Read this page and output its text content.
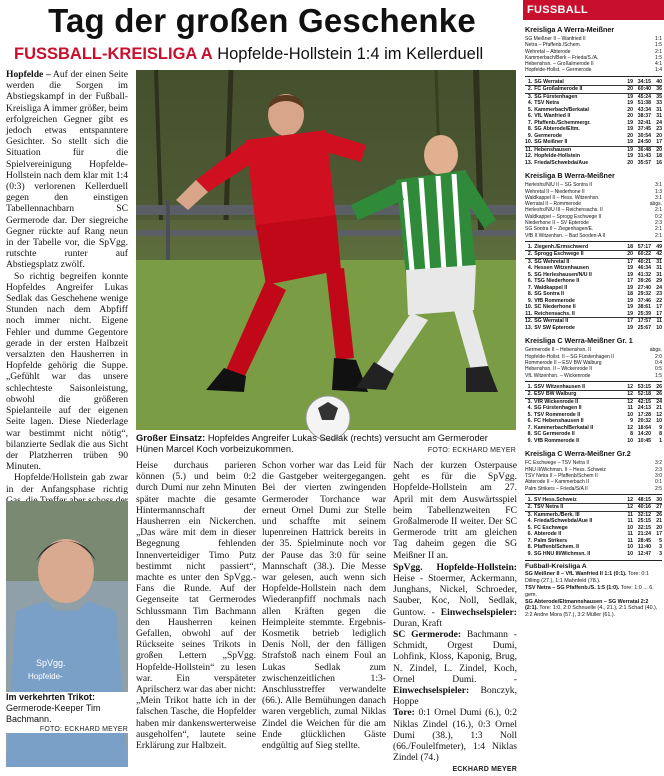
Tag der großen Geschenke
FUSSBALL-KREISLIGA A Hopfelde-Hollstein 1:4 im Kellerduell

Hopfelde – Auf der einen Seite werden die Sorgen im Abstiegskampf in der Fußball-Kreisliga A immer größer, beim erfolgreichen Gegner gibt es jedoch etwas entspanntere Gesichter. So stellt sich die Situation für die Spielvereinigung Hopfelde-Hollstein nach dem klar mit 1:4 (0:3) verlorenen Kellerduell gegen den einstigen Tabellennachbarn SC Germerode dar. Der siegreiche Gegner rückte auf Rang neun in der Tabelle vor, die SpVgg. rutschte runter auf Abstiegsplatz zwölf.

So richtig begreifen konnte Hopfeldes Angreifer Lukas Sedlak das Geschehene wenige Stunden nach dem Abpfiff noch immer nicht. Eigene Fehler und dumme Gegentore gerade in der ersten Halbzeit versalzten den Hausherren in Hopfelde gehörig die Suppe. „Gefühlt war das unsere schlechteste Saisonleistung, obwohl die größeren Spielanteile auf der eigenen Seite lagen. Diese Niederlage war bestimmt nicht nötig“, bilanzierte Sedlak die aus Sicht der Platzherren trüben 90 Minuten.

Hopfelde/Hollstein gab zwar in der Anfangsphase richtig

Großer Einsatz: Hopfeldes Angreifer Lukas Sedlak (rechts) versucht am Germeroder Hünen Marcel Koch vorbeizukommen.	FOTO: ECKHARD MEYER
SpVgg.
Hopfelde-
Im verkehrten Trikot: Germerode-Keeper Tim Bachmann.
FOTO: ECKHARD MEYER

Heise durchaus parieren können (5.) und beim 0:2 durch Dumi nur zehn Minuten später machte die gesamte Hintermannschaft der Hausherren ein Nickerchen. „Das wäre mit dem in dieser Begegnung fehlenden Innenverteidiger Timo Putz bestimmt nicht passiert“, machte es unter den SpVgg.-Fans die Runde. Auf der Gegenseite tat Germerodes Schlussmann Tim Bachmann den Hausherren keinen Gefallen, obwohl auf der Rückseite seines Trikots in großen Lettern „SpVgg. Hopfelde-Hollstein“ zu lesen war. Ein verspäteter Aprilscherz war das aber nicht: „Mein Trikot hatte ich in der falschen Tasche, die Hopfelder haben mir dankenswerterweise ausgeholfen“, lautete seine Erklärung zur Halbzeit.

Schon vorher war das Leid für die Gastgeber weitergegangen. Bei der vierten zwingenden Germeroder Torchance war erneut Ornel Dumi zur Stelle und schaffte mit seinem lupenreinen Hattrick bereits in der 35. Spielminute noch vor der Pause das 3:0 für seine Mannschaft (38.). Die Messe war gelesen, auch wenn sich Hopfelde-Hollstein nach dem Wiederanpfiff nochmals nach allen Kräften gegen die Heimpleite stemmte. Ergebnis-Kosmetik betrieb lediglich Denis Noll, der den fälligen Strafstoß nach einem Foul an Lukas Sedlak zum zwischenzeitlichen 1:3-Anschlusstreffer verwandelte (66.). Alle Bemühungen danach waren vergeblich, zumal Niklas Zindel die Weichen für die am Ende glücklichen Gäste endgültig auf Sieg stellte.

Nach der kurzen Osterpause geht es für die SpVgg. Hopfelde-Hollstein am 27. April mit dem Auswärtsspiel beim Tabellenzweiten FC Großalmerode II weiter. Der SC Germerode tritt am gleichen Tag daheim gegen die SG Meißner II an.

SpVgg. Hopfelde-Hollstein: Heise - Stoermer, Ackermann, Junghans, Nickel, Schroeder, Sauber, Koc, Noll, Sedlak, Guntow. - Einwechselspieler: Duran, Kraft

SC Germerode: Bachmann - Schmidt, Orgest Dumi, Lohfink, Kloss, Kaponig, Brug, N. Zindel, L. Zindel, Koch, Ornel Dumi. - Einwechselspieler: Bonczyk, Hoppe

Tore: 0:1 Ornel Dumi (6.), 0:2 Niklas Zindel (16.), 0:3 Ornel Dumi (38.), 1:3 Noll (66./Foulelfmeter), 1:4 Niklas Zindel (74.)

ECKHARD MEYER
FUSSBALL
Kreisliga A Werra-Meißner
SG Meißner II – Wanfried II	1:1
Netra – Pfaffenb./Schem.	1:5
Wehretal – Abterode	2:1
Kammerbach/Berk – Frieda/S./A.	1:5
Hebenshsn. – Großalmerode II	4:1
Hopfelde-Hollst. – Germerode	1:4
1.	SG Werratal	19	34:15	40
2.	FC Großalmerode II	20	60:40	36
3.	SG Fürstenhagen	19	45:24	35
4.	TSV Netra	19	51:38	33
5.	Kammerbach/Berkatal	20	43:34	31
6.	VfL Wanfried II	20	38:37	31
7.	Pfaffenb./Schemmergr.	19	32:41	24
8.	SG Abterode/Eltm.	19	37:45	23
9.	Germerode	20	30:54	20
10.	SG Meißner II	19	24:50	17
11.	Hebenshausen	19	36:48	20
12.	Hopfelde-Hollstein	19	31:43	18
13.	Frieda/Schwebda/Aue	20	35:57	16
Kreisliga B Werra-Meißner
Herleshs/N/U II – SG Sontra II	3:1
Wehretal II – Niederhone II	1:3
Waldkappel II – Hess. Witzenhsn.	3:1
Werratal II – Rommerode	abgs.
Herleshs/N/U III – Reichensachs. II	2:1
Waldkappel – Sprogg Eschwege II	0:2
Niederhone II – SV Epterode	2:3
SG Sontra II – Ziegenhagen/E.	2:1
VfB II Witzenhsn. – Bad Sooden-A II	2:1
1.	Ziegenh./Ermschwerd	18	57:17	49
2.	Sprogg Eschwege II	20	60:22	42
3.	SG Wehretal II	17	40:21	31
4.	Hessen Witzenhausen	19	46:34	31
5.	SG Herleshausen/N/U II	19	41:32	31
6.	TSG Niederhone II	17	39:26	29
7.	Waldkappel II	19	27:40	24
8.	SG Sontra II	18	29:32	23
9.	VfB Rommerode	19	37:46	22
10.	SC Niederhone II	19	38:61	17
11.	Reichensachs. II	19	25:39	17
12.	SG Werratal II	17	17:57	11
13.	SV SW Epterode	19	25:67	10
Kreisliga C Werra-Meißner Gr. 1
Germerode II – Hebenshsn. II	abgs.
Hopfelde-Hollst. II – SG Fürstenhagen II	2:0
Rommerode II – ESV BW Walburg	0:4
Hebenshsn. II – Wickenrode II	0:5
VfL Witzenhsn. – Wickenrode	1:5
1.	SSV Witzenhausen II	12	53:15	26
2.	ESV BW Walburg	12	52:18	26
3.	VfR Wickenrode II	12	42:15	24
4.	SG Fürstenhagen II	11	24:13	21
5.	TSV Rommerode II	10	17:28	12
6.	FC Hebenshausen II	9	20:32	10
7.	Kammerbach/Berkatal II	12	18:64	9
8.	SC Germerode II	8	14:20	8
9.	VfB Rommerode II	10	10:45	1
Kreisliga C Werra-Meißner Gr.2
FC Eschwege – TSV Netra II	3:2
HNU II/Wichmsn. II – Hess. Schweiz	2:3
TSV Netra II – Pfaffenb/Schem II	3:0
Abterode II – Kammerbach II	0:1
Palm Strikers – Frieda/S/A II	2:5
1.	SV Hess.Schweiz	12	48:15	30
2.	TSV Netra II	12	40:16	27
3.	Kammerb./Berk. III	11	32:12	26
4.	Frieda/Schwebda/Aue II	11	25:15	21
5.	FC Eschwege	10	32:15	20
6.	Abterode II	11	21:24	17
7.	Palm Strikers	11	28:45	5
8.	Pfaffenb/Schem. II	10	11:40	3
9.	SG HNU III/Wichmsn. II	10	12:47	3
Fußball-Kreisliga A
SG Meißner II – VfL Wanfried II 1:1 (0:1). Tore: 0:1 Dilling (27.), 1:1 Mahnfeld (78.).
TSV Netra – SG Pfaffenb./S. 1:5 (1:0). Tore: 1:0 ... 6. gem.
SG Abterode/Eltmannshausen – SG Werratal 2:2 (2:1). Tore: 1:0, 2:0 Schnuelle (4., 21.), 2:1 Schad (40.), 2:2 Andre Mora (57.), 3:2 Müller (61.).
